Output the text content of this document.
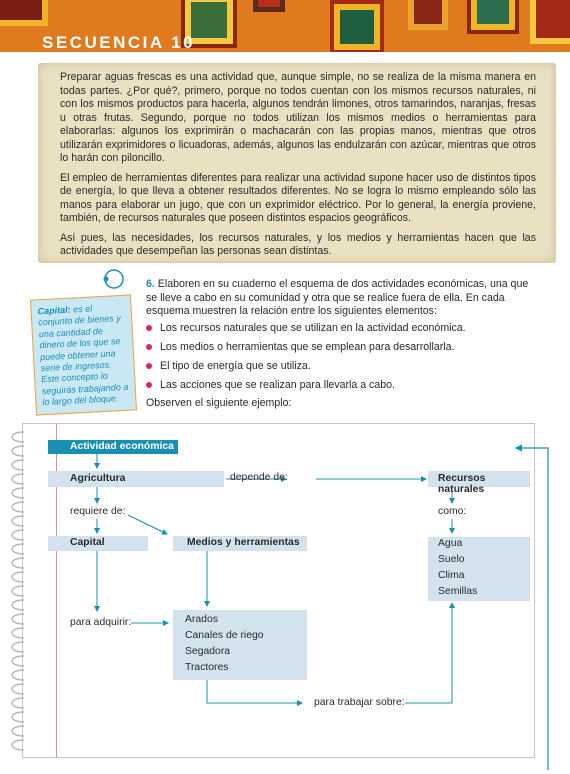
SECUENCIA 10

Preparar aguas frescas es una actividad que, aunque simple, no se realiza de la misma manera en todas partes. ¿Por qué?, primero, porque no todos cuentan con los mismos recursos naturales, ni con los mismos productos para hacerla, algunos tendrán limones, otros tamarindos, naranjas, fresas u otras frutas. Segundo, porque no todos utilizan los mismos medios o herramientas para elaborarlas: algunos los exprimirán o machacarán con las propias manos, mientras que otros utilizarán exprimidores o licuadoras, además, algunos las endulzarán con azúcar, mientras que otros lo harán con piloncillo.

El empleo de herramientas diferentes para realizar una actividad supone hacer uso de distintos tipos de energía, lo que lleva a obtener resultados diferentes. No se logra lo mismo empleando sólo las manos para elaborar un jugo, que con un exprimidor eléctrico. Por lo general, la energía proviene, también, de recursos naturales que poseen distintos espacios geográficos.

Así pues, las necesidades, los recursos naturales, y los medios y herramientas hacen que las actividades que desempeñan las personas sean distintas.

6. Elaboren en su cuaderno el esquema de dos actividades económicas, una que se lleve a cabo en su comunidad y otra que se realice fuera de ella. En cada esquema muestren la relación entre los siguientes elementos:
Los recursos naturales que se utilizan en la actividad económica.
Los medios o herramientas que se emplean para desarrollarla.
El tipo de energía que se utiliza.
Las acciones que se realizan para llevarla a cabo.
Observen el siguiente ejemplo:
Capital: es el conjunto de bienes y una cantidad de dinero de los que se puede obtener una serie de ingresos. Este concepto lo seguirás trabajando a lo largo del bloque.
Actividad económica
Agricultura	depende de:	Recursos naturales
requiere de:	como:
Capital	Medios y herramientas	Agua
Suelo
Clima
Semillas
para adquirir:	Arados
Canales de riego
Segadora
Tractores
para trabajar sobre:
